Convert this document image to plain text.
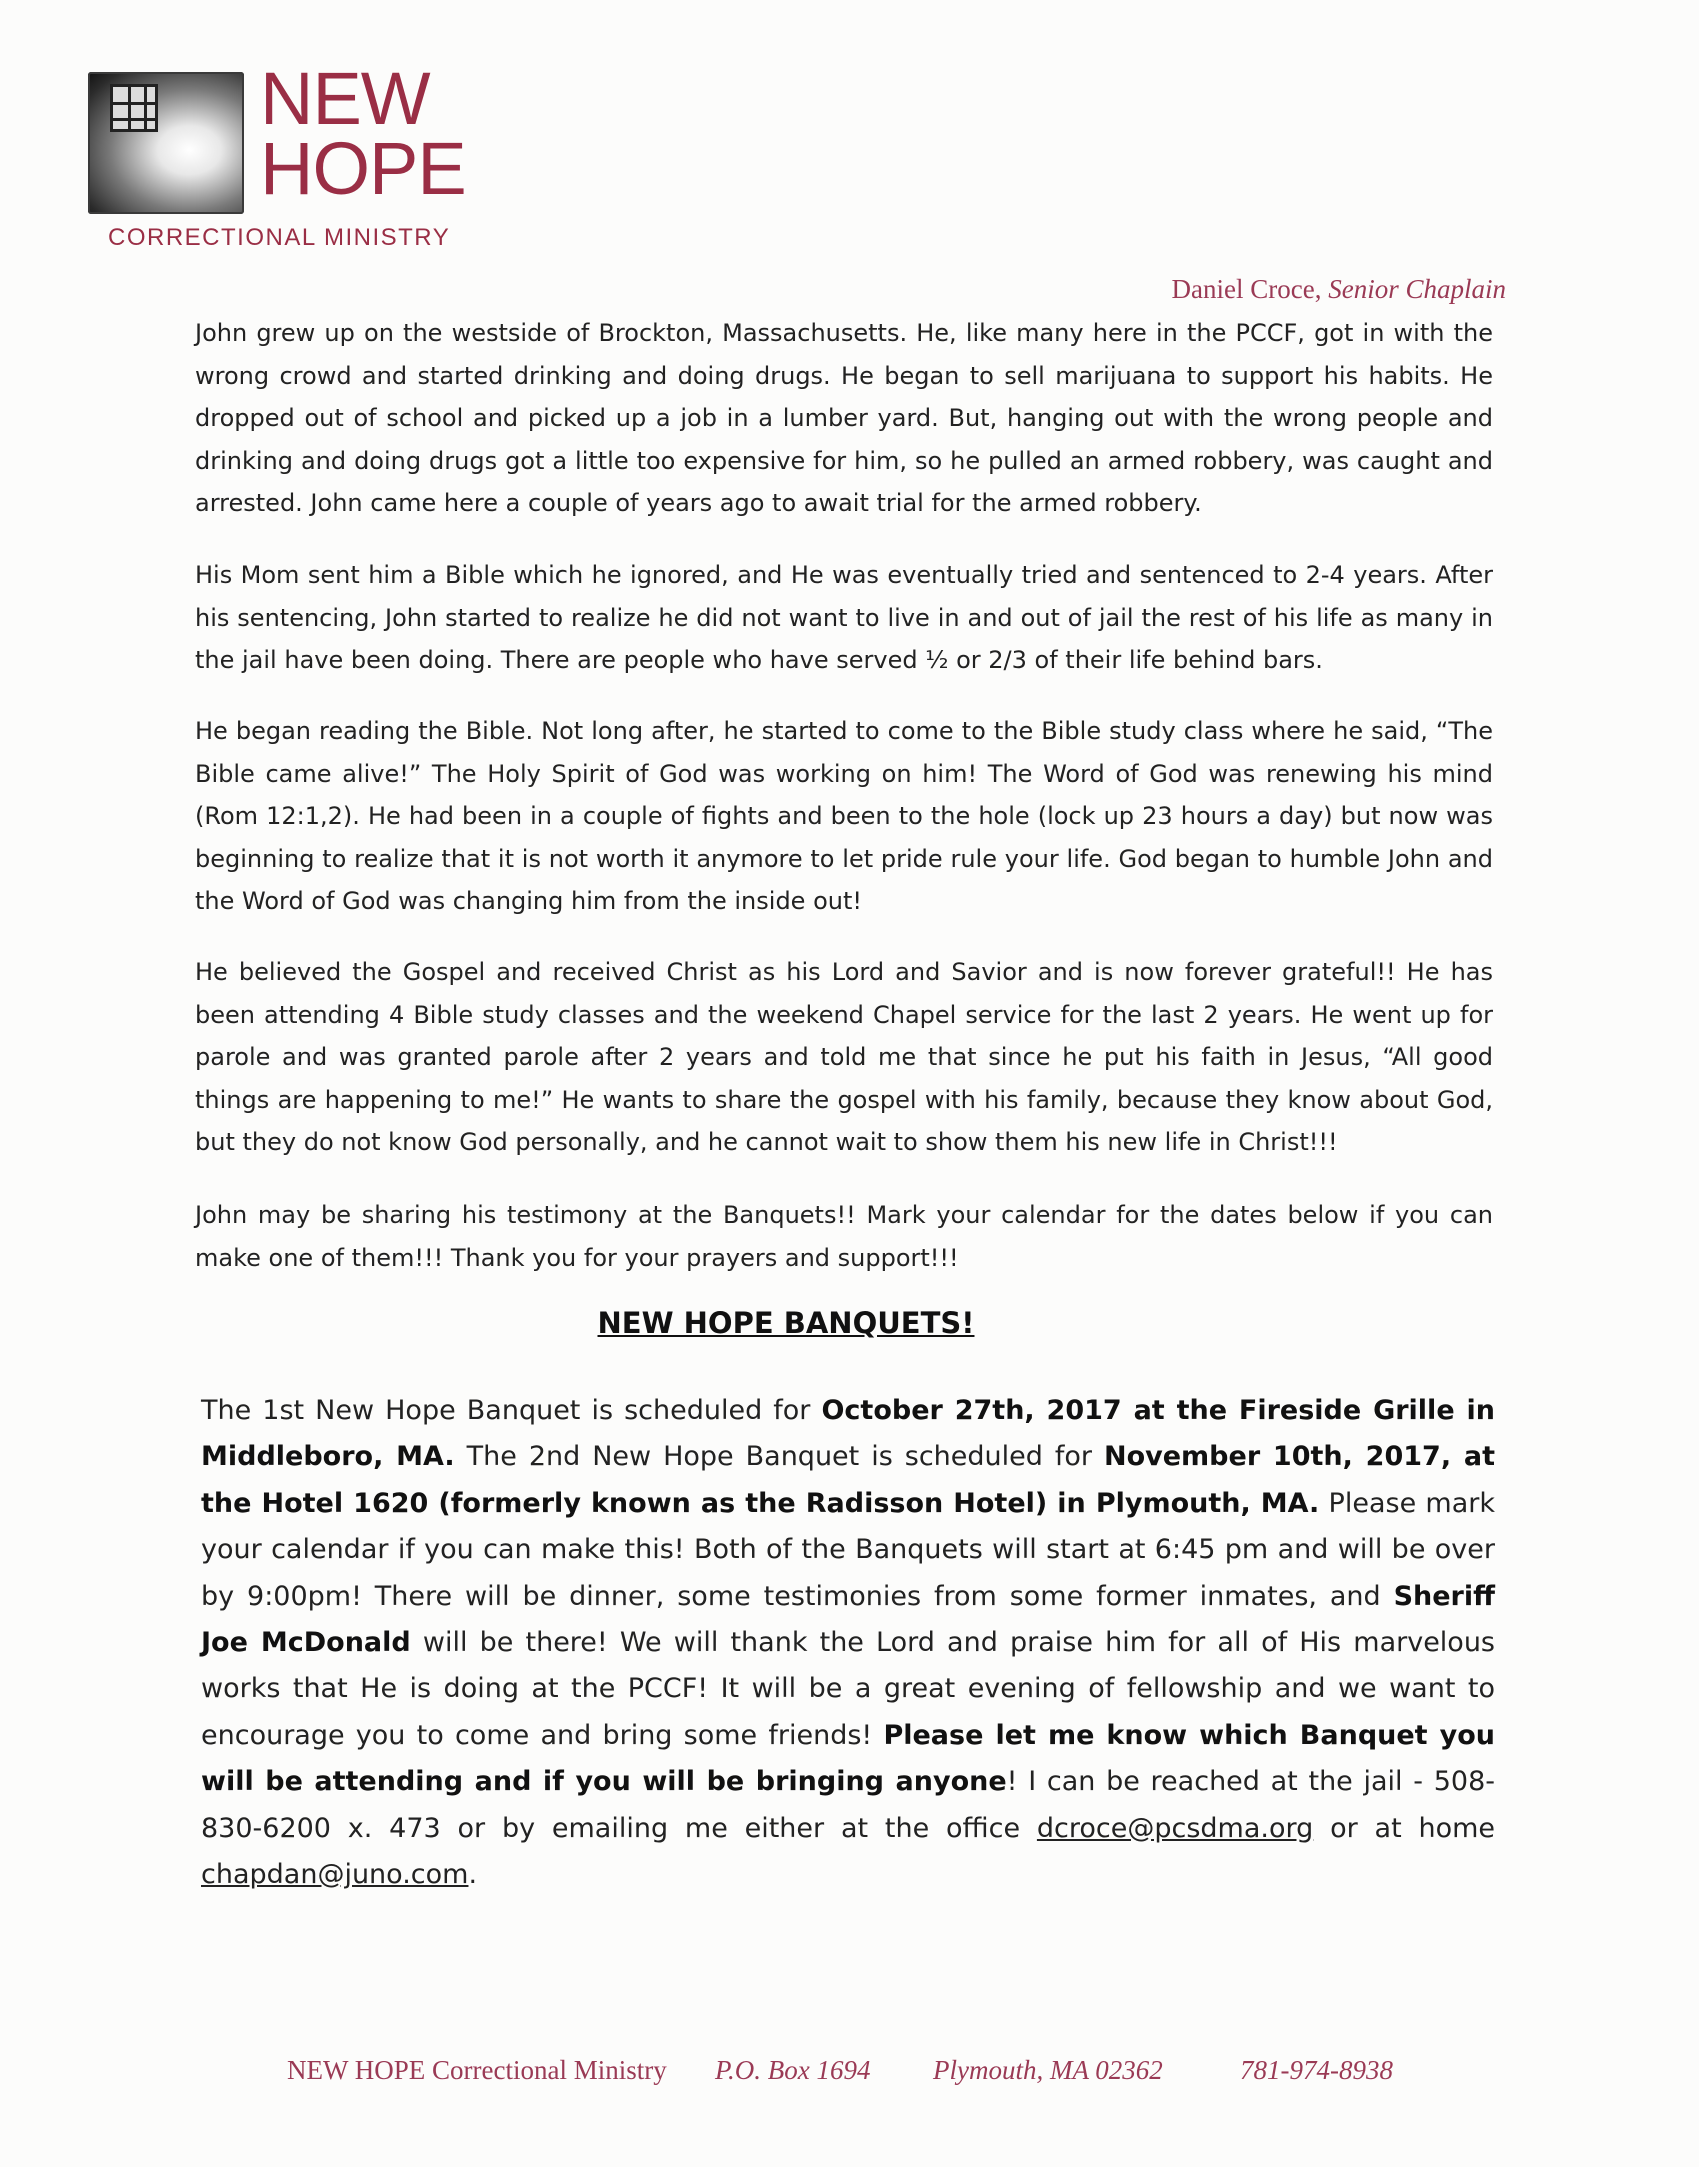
NEW
HOPE
CORRECTIONAL MINISTRY
Daniel Croce, Senior Chaplain
John grew up on the westside of Brockton, Massachusetts. He, like many here in the PCCF, got in with the wrong crowd and started drinking and doing drugs. He began to sell marijuana to support his habits. He dropped out of school and picked up a job in a lumber yard. But, hanging out with the wrong people and drinking and doing drugs got a little too expensive for him, so he pulled an armed robbery, was caught and arrested. John came here a couple of years ago to await trial for the armed robbery.
His Mom sent him a Bible which he ignored, and He was eventually tried and sentenced to 2-4 years. After his sentencing, John started to realize he did not want to live in and out of jail the rest of his life as many in the jail have been doing. There are people who have served ½ or 2/3 of their life behind bars.
He began reading the Bible. Not long after, he started to come to the Bible study class where he said, “The Bible came alive!” The Holy Spirit of God was working on him! The Word of God was renewing his mind (Rom 12:1,2). He had been in a couple of fights and been to the hole (lock up 23 hours a day) but now was beginning to realize that it is not worth it anymore to let pride rule your life. God began to humble John and the Word of God was changing him from the inside out!
He believed the Gospel and received Christ as his Lord and Savior and is now forever grateful!! He has been attending 4 Bible study classes and the weekend Chapel service for the last 2 years. He went up for parole and was granted parole after 2 years and told me that since he put his faith in Jesus, “All good things are happening to me!” He wants to share the gospel with his family, because they know about God, but they do not know God personally, and he cannot wait to show them his new life in Christ!!!
John may be sharing his testimony at the Banquets!! Mark your calendar for the dates below if you can make one of them!!! Thank you for your prayers and support!!!
NEW HOPE BANQUETS!
The 1st New Hope Banquet is scheduled for October 27th, 2017 at the Fireside Grille in Middleboro, MA. The 2nd New Hope Banquet is scheduled for November 10th, 2017, at the Hotel 1620 (formerly known as the Radisson Hotel) in Plymouth, MA. Please mark your calendar if you can make this! Both of the Banquets will start at 6:45 pm and will be over by 9:00pm! There will be dinner, some testimonies from some former inmates, and Sheriff Joe McDonald will be there! We will thank the Lord and praise him for all of His marvelous works that He is doing at the PCCF! It will be a great evening of fellowship and we want to encourage you to come and bring some friends! Please let me know which Banquet you will be attending and if you will be bringing anyone! I can be reached at the jail - 508-830-6200 x. 473 or by emailing me either at the office dcroce@pcsdma.org or at home chapdan@juno.com.
NEW HOPE Correctional Ministry P.O. Box 1694 Plymouth, MA 02362	781-974-8938
